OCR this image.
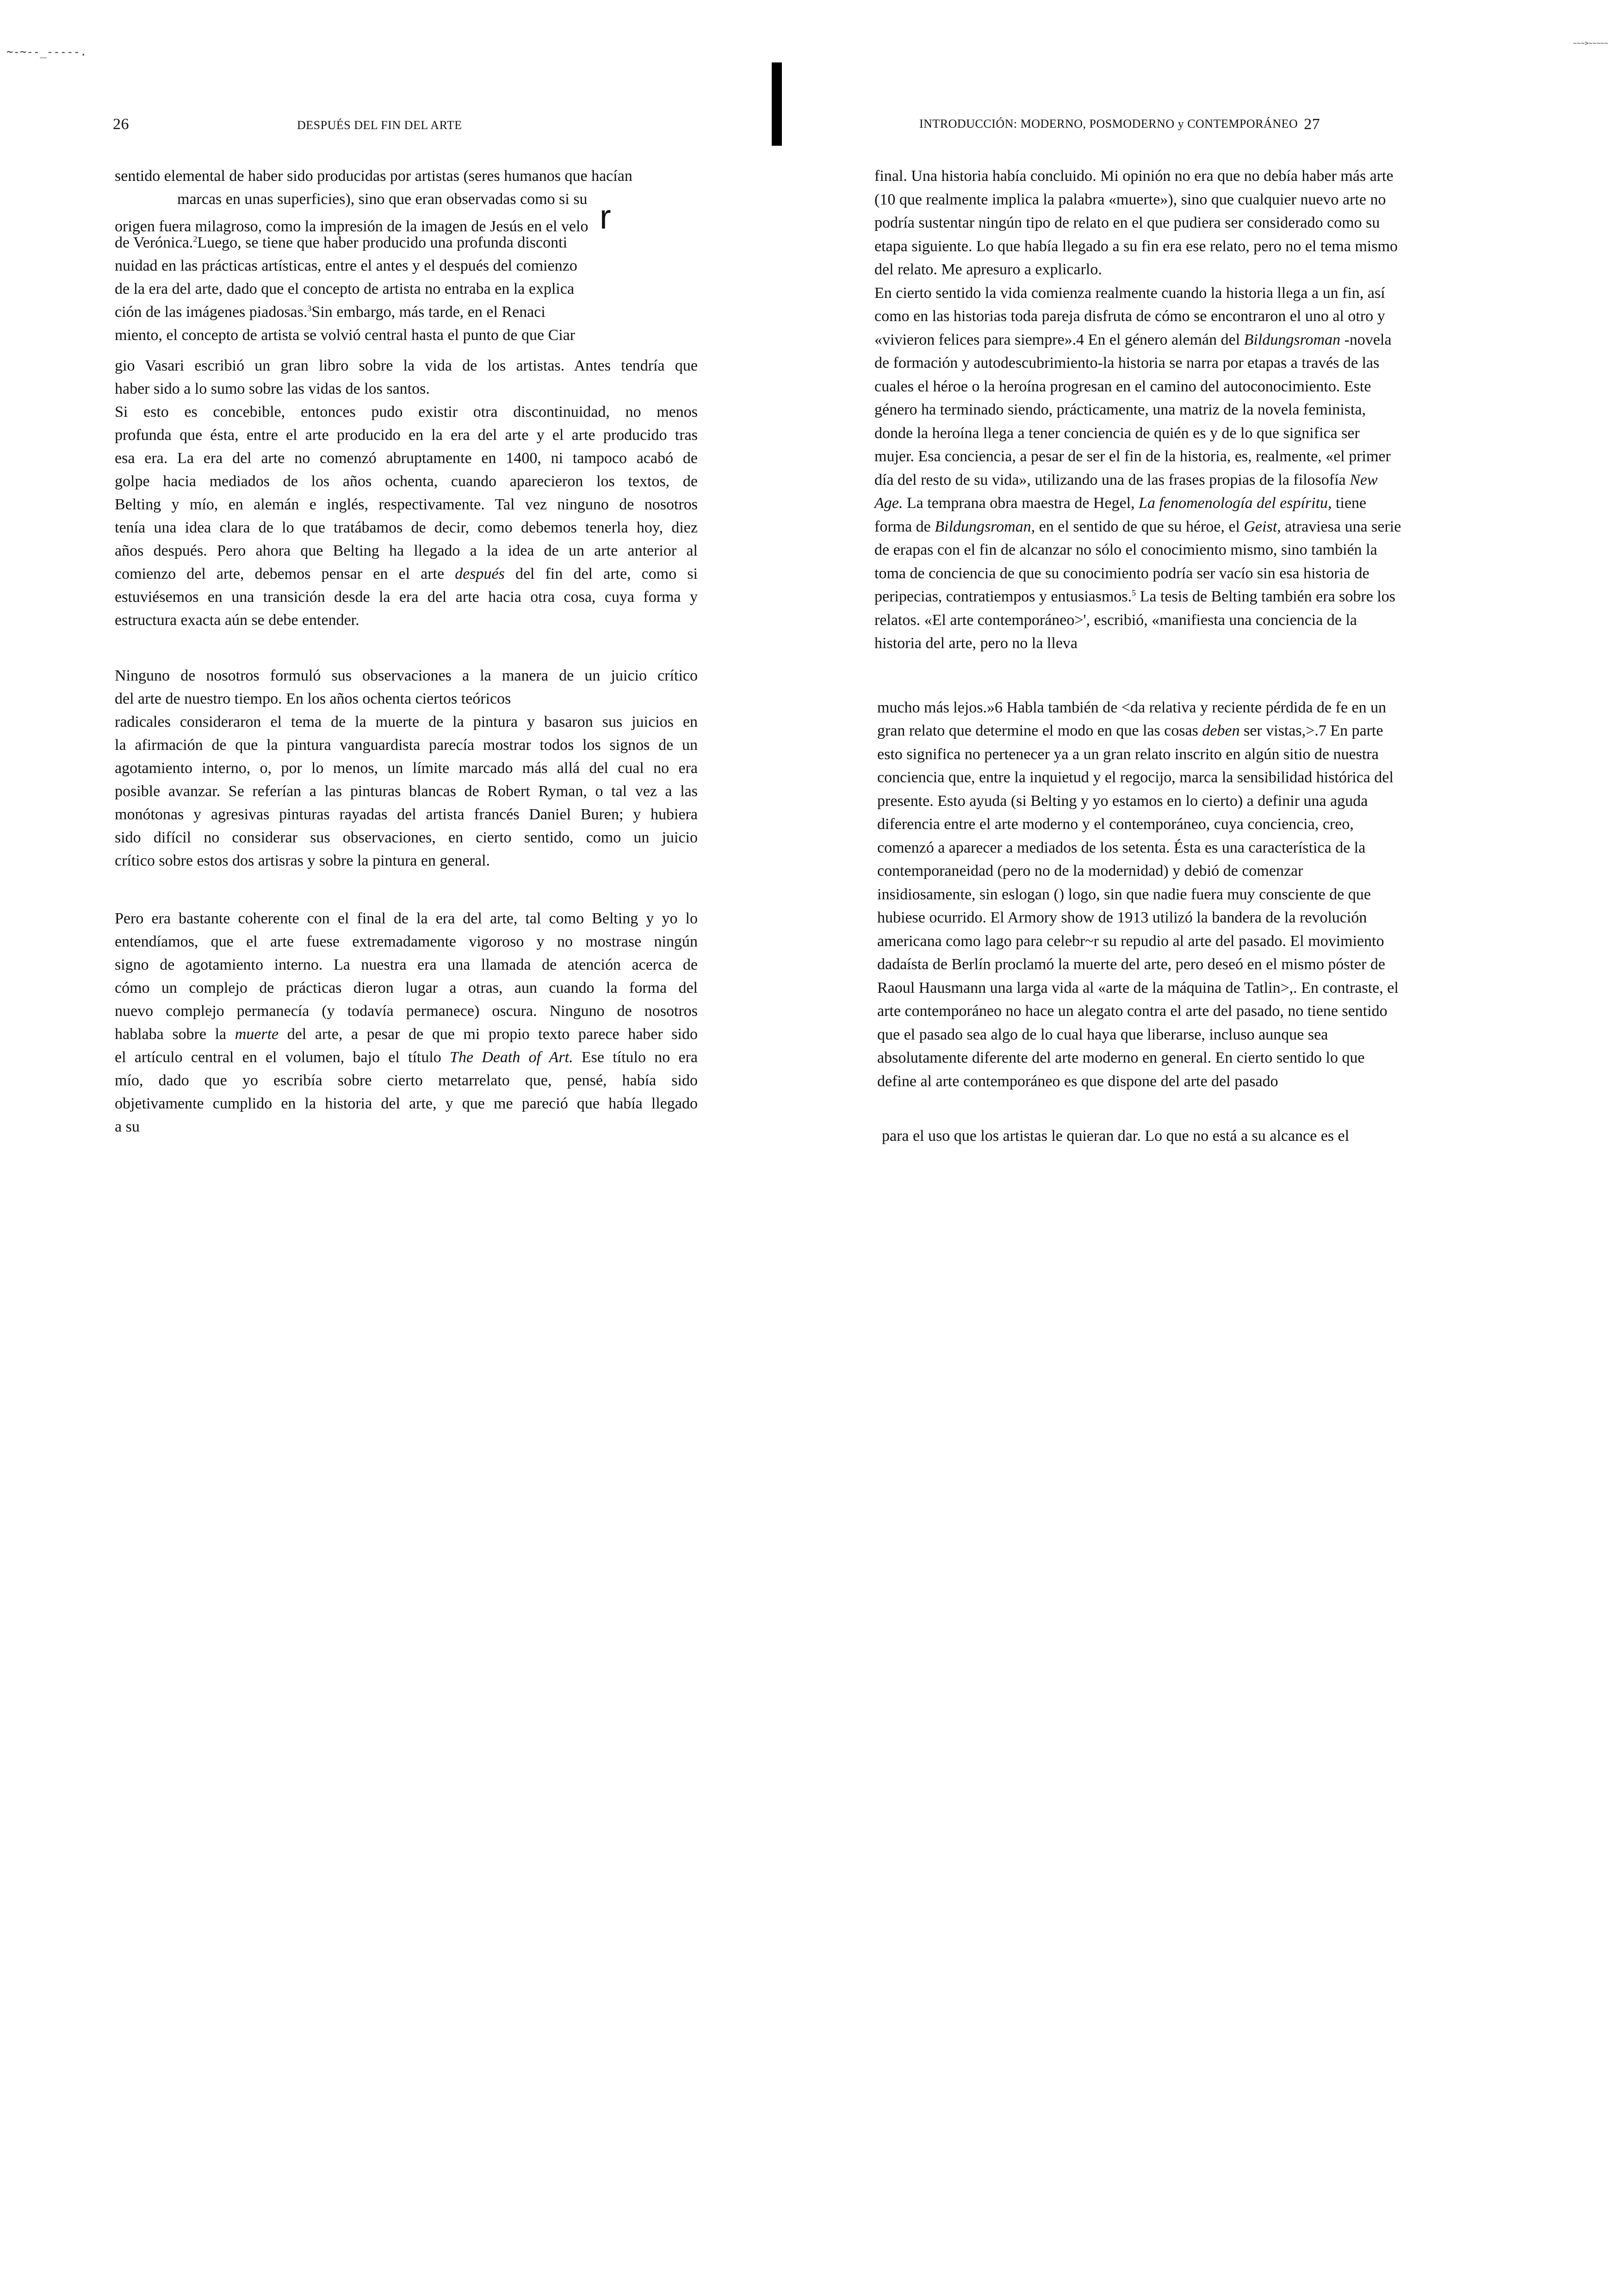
~-~--_-----.
~~~>~~~~~
26	DESPUÉS DEL FIN DEL ARTE
sentido elemental de haber sido producidas por artistas (seres humanos que hacían
marcas en unas superficies), sino que eran observadas como si su
origen fuera milagroso, como la impresión de la imagen de Jesús en el velo r
de Verónica.$^2$Luego, se tiene que haber producido una profunda disconti
nuidad en las prácticas artísticas, entre el antes y el después del comienzo
de la era del arte, dado que el concepto de artista no entraba en la explica
ción de las imágenes piadosas.$^3$Sin embargo, más tarde, en el Renaci
miento, el concepto de artista se volvió central hasta el punto de que Ciar

gio Vasari escribió un gran libro sobre la vida de los artistas. Antes tendría que

haber sido a lo sumo sobre las vidas de los santos.

Si esto es concebible, entonces pudo existir otra discontinuidad, no menos

profunda que ésta, entre el arte producido en la era del arte y el arte producido tras

esa era. La era del arte no comenzó abruptamente en 1400, ni tampoco acabó de

golpe hacia mediados de los años ochenta, cuando aparecieron los textos, de

Belting y mío, en alemán e inglés, respectivamente. Tal vez ninguno de nosotros

tenía una idea clara de lo que tratábamos de decir, como debemos tenerla hoy, diez

años después. Pero ahora que Belting ha llegado a la idea de un arte anterior al

comienzo del arte, debemos pensar en el arte después del fin del arte, como si

estuviésemos en una transición desde la era del arte hacia otra cosa, cuya forma y

estructura exacta aún se debe entender.

Ninguno de nosotros formuló sus observaciones a la manera de un juicio crítico

del arte de nuestro tiempo. En los años ochenta ciertos teóricos

radicales consideraron el tema de la muerte de la pintura y basaron sus juicios en

la afirmación de que la pintura vanguardista parecía mostrar todos los signos de un

agotamiento interno, o, por lo menos, un límite marcado más allá del cual no era

posible avanzar. Se referían a las pinturas blancas de Robert Ryman, o tal vez a las

monótonas y agresivas pinturas rayadas del artista francés Daniel Buren; y hubiera

sido difícil no considerar sus observaciones, en cierto sentido, como un juicio

crítico sobre estos dos artisras y sobre la pintura en general.

Pero era bastante coherente con el final de la era del arte, tal como Belting y yo lo

entendíamos, que el arte fuese extremadamente vigoroso y no mostrase ningún

signo de agotamiento interno. La nuestra era una llamada de atención acerca de

cómo un complejo de prácticas dieron lugar a otras, aun cuando la forma del

nuevo complejo permanecía (y todavía permanece) oscura. Ninguno de nosotros

hablaba sobre la muerte del arte, a pesar de que mi propio texto parece haber sido

el artículo central en el volumen, bajo el título The Death of Art. Ese título no era

mío, dado que yo escribía sobre cierto metarrelato que, pensé, había sido

objetivamente cumplido en la historia del arte, y que me pareció que había llegado

a su

INTRODUCCIÓN: MODERNO, POSMODERNO y CONTEMPORÁNEO 27

final. Una historia había concluido. Mi opinión no era que no debía haber más arte

(10 que realmente implica la palabra «muerte»), sino que cualquier nuevo arte no

podría sustentar ningún tipo de relato en el que pudiera ser considerado como su

etapa siguiente. Lo que había llegado a su fin era ese relato, pero no el tema mismo

del relato. Me apresuro a explicarlo.

En cierto sentido la vida comienza realmente cuando la historia llega a un fin, así

como en las historias toda pareja disfruta de cómo se encontraron el uno al otro y

«vivieron felices para siempre».4 En el género alemán del Bildungsroman -novela

de formación y autodescubrimiento-la historia se narra por etapas a través de las

cuales el héroe o la heroína progresan en el camino del autoconocimiento. Este

género ha terminado siendo, prácticamente, una matriz de la novela feminista,

donde la heroína llega a tener conciencia de quién es y de lo que significa ser

mujer. Esa conciencia, a pesar de ser el fin de la historia, es, realmente, «el primer

día del resto de su vida», utilizando una de las frases propias de la filosofía New

Age. La temprana obra maestra de Hegel, La fenomenología del espíritu, tiene

forma de Bildungsroman, en el sentido de que su héroe, el Geist, atraviesa una serie

de erapas con el fin de alcanzar no sólo el conocimiento mismo, sino también la

toma de conciencia de que su conocimiento podría ser vacío sin esa historia de

peripecias, contratiempos y entusiasmos.$^5$ La tesis de Belting también era sobre los

relatos. «El arte contemporáneo>', escribió, «manifiesta una conciencia de la

historia del arte, pero no la lleva

mucho más lejos.»6 Habla también de <da relativa y reciente pérdida de fe en un

gran relato que determine el modo en que las cosas deben ser vistas,>.7 En parte

esto significa no pertenecer ya a un gran relato inscrito en algún sitio de nuestra

conciencia que, entre la inquietud y el regocijo, marca la sensibilidad histórica del

presente. Esto ayuda (si Belting y yo estamos en lo cierto) a definir una aguda

diferencia entre el arte moderno y el contemporáneo, cuya conciencia, creo,

comenzó a aparecer a mediados de los setenta. Ésta es una característica de la

contemporaneidad (pero no de la modernidad) y debió de comenzar

insidiosamente, sin eslogan () logo, sin que nadie fuera muy consciente de que

hubiese ocurrido. El Armory show de 1913 utilizó la bandera de la revolución

americana como lago para celebr~r su repudio al arte del pasado. El movimiento

dadaísta de Berlín proclamó la muerte del arte, pero deseó en el mismo póster de

Raoul Hausmann una larga vida al «arte de la máquina de Tatlin>,. En contraste, el

arte contemporáneo no hace un alegato contra el arte del pasado, no tiene sentido

que el pasado sea algo de lo cual haya que liberarse, incluso aunque sea

absolutamente diferente del arte moderno en general. En cierto sentido lo que

define al arte contemporáneo es que dispone del arte del pasado

para el uso que los artistas le quieran dar. Lo que no está a su alcance es el
